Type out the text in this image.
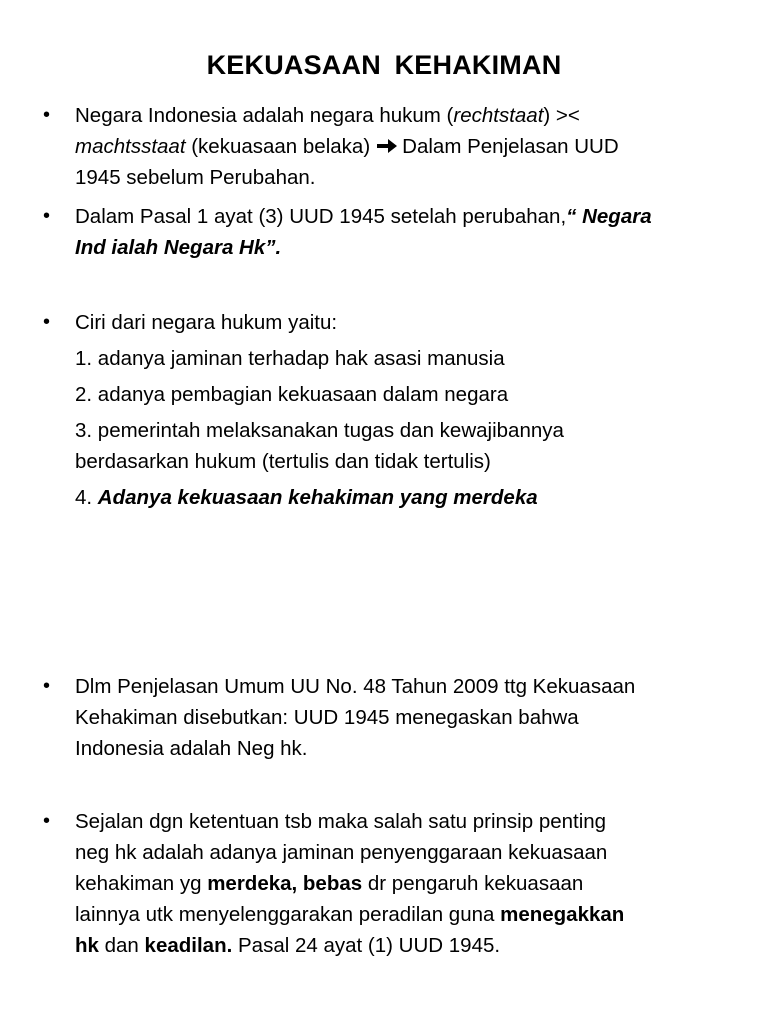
KEKUASAAN KEHAKIMAN
• Negara Indonesia adalah negara hukum (rechtstaat) ><
machtsstaat (kekuasaan belaka) Dalam Penjelasan UUD
1945 sebelum Perubahan.
• Dalam Pasal 1 ayat (3) UUD 1945 setelah perubahan,“ Negara
Ind ialah Negara Hk”.
• Ciri dari negara hukum yaitu:
1. adanya jaminan terhadap hak asasi manusia
2. adanya pembagian kekuasaan dalam negara
3. pemerintah melaksanakan tugas dan kewajibannya
berdasarkan hukum (tertulis dan tidak tertulis)
4. Adanya kekuasaan kehakiman yang merdeka
• Dlm Penjelasan Umum UU No. 48 Tahun 2009 ttg Kekuasaan
Kehakiman disebutkan: UUD 1945 menegaskan bahwa
Indonesia adalah Neg hk.
• Sejalan dgn ketentuan tsb maka salah satu prinsip penting
neg hk adalah adanya jaminan penyenggaraan kekuasaan
kehakiman yg merdeka, bebas dr pengaruh kekuasaan
lainnya utk menyelenggarakan peradilan guna menegakkan
hk dan keadilan. Pasal 24 ayat (1) UUD 1945.
